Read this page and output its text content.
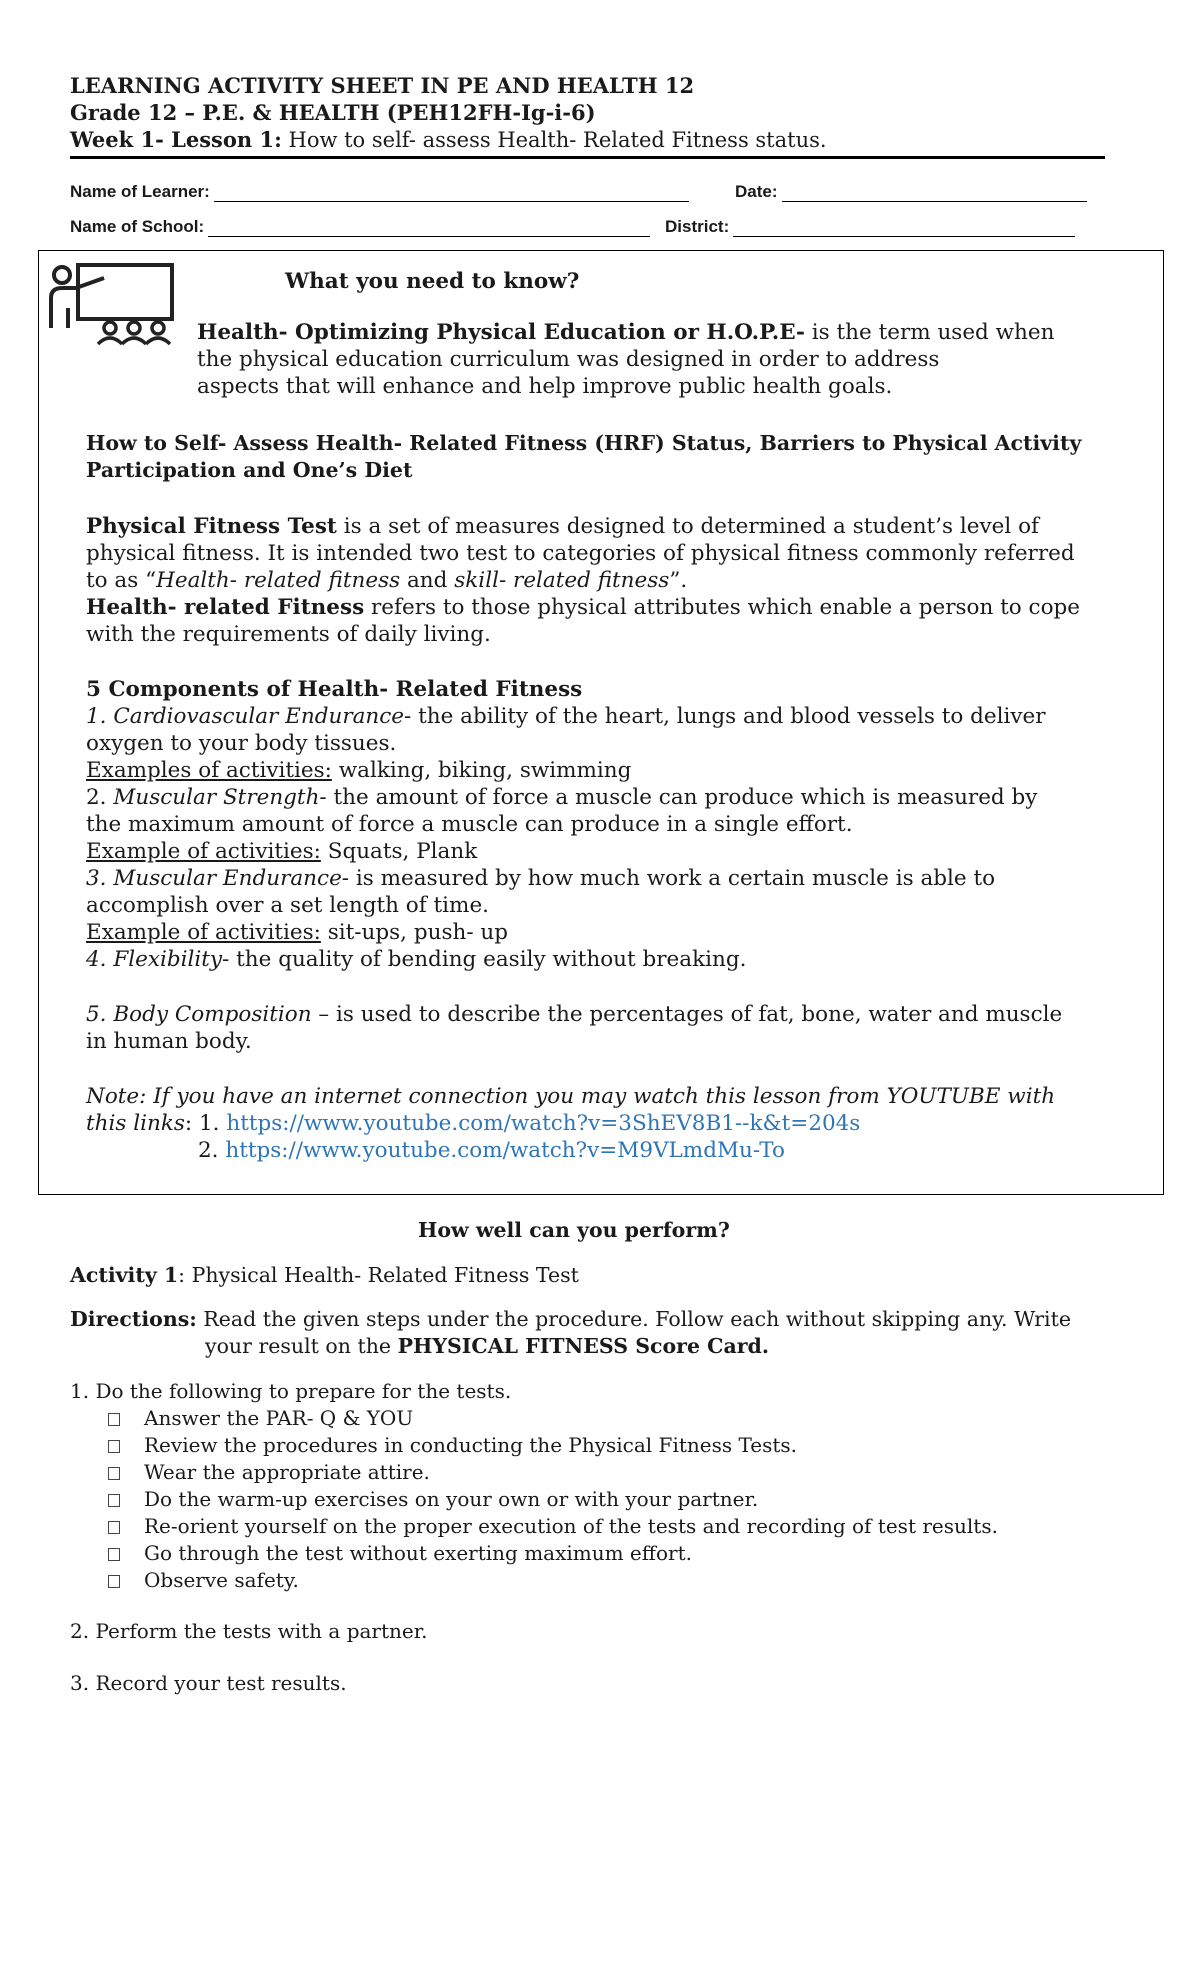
LEARNING ACTIVITY SHEET IN PE AND HEALTH 12
Grade 12 – P.E. & HEALTH (PEH12FH-Ig-i-6)
Week 1- Lesson 1: How to self- assess Health- Related Fitness status.
Name of Learner:	Date:
Name of School:	District:
What you need to know?
Health- Optimizing Physical Education or H.O.P.E- is the term used when
the physical education curriculum was designed in order to address
aspects that will enhance and help improve public health goals.
How to Self- Assess Health- Related Fitness (HRF) Status, Barriers to Physical Activity
Participation and One’s Diet
Physical Fitness Test is a set of measures designed to determined a student’s level of
physical fitness. It is intended two test to categories of physical fitness commonly referred
to as “Health- related fitness and skill- related fitness”.
Health- related Fitness refers to those physical attributes which enable a person to cope
with the requirements of daily living.
5 Components of Health- Related Fitness
1. Cardiovascular Endurance- the ability of the heart, lungs and blood vessels to deliver
oxygen to your body tissues.
Examples of activities: walking, biking, swimming
2. Muscular Strength- the amount of force a muscle can produce which is measured by
the maximum amount of force a muscle can produce in a single effort.
Example of activities: Squats, Plank
3. Muscular Endurance- is measured by how much work a certain muscle is able to
accomplish over a set length of time.
Example of activities: sit-ups, push- up
4. Flexibility- the quality of bending easily without breaking.
5. Body Composition – is used to describe the percentages of fat, bone, water and muscle
in human body.
Note: If you have an internet connection you may watch this lesson from YOUTUBE with
this links: 1. https://www.youtube.com/watch?v=3ShEV8B1--k&t=204s
2. https://www.youtube.com/watch?v=M9VLmdMu-To
How well can you perform?
Activity 1: Physical Health- Related Fitness Test
Directions: Read the given steps under the procedure. Follow each without skipping any. Write
your result on the PHYSICAL FITNESS Score Card.
1. Do the following to prepare for the tests.
Answer the PAR- Q & YOU
Review the procedures in conducting the Physical Fitness Tests.
Wear the appropriate attire.
Do the warm-up exercises on your own or with your partner.
Re-orient yourself on the proper execution of the tests and recording of test results.
Go through the test without exerting maximum effort.
Observe safety.
2. Perform the tests with a partner.
3. Record your test results.
